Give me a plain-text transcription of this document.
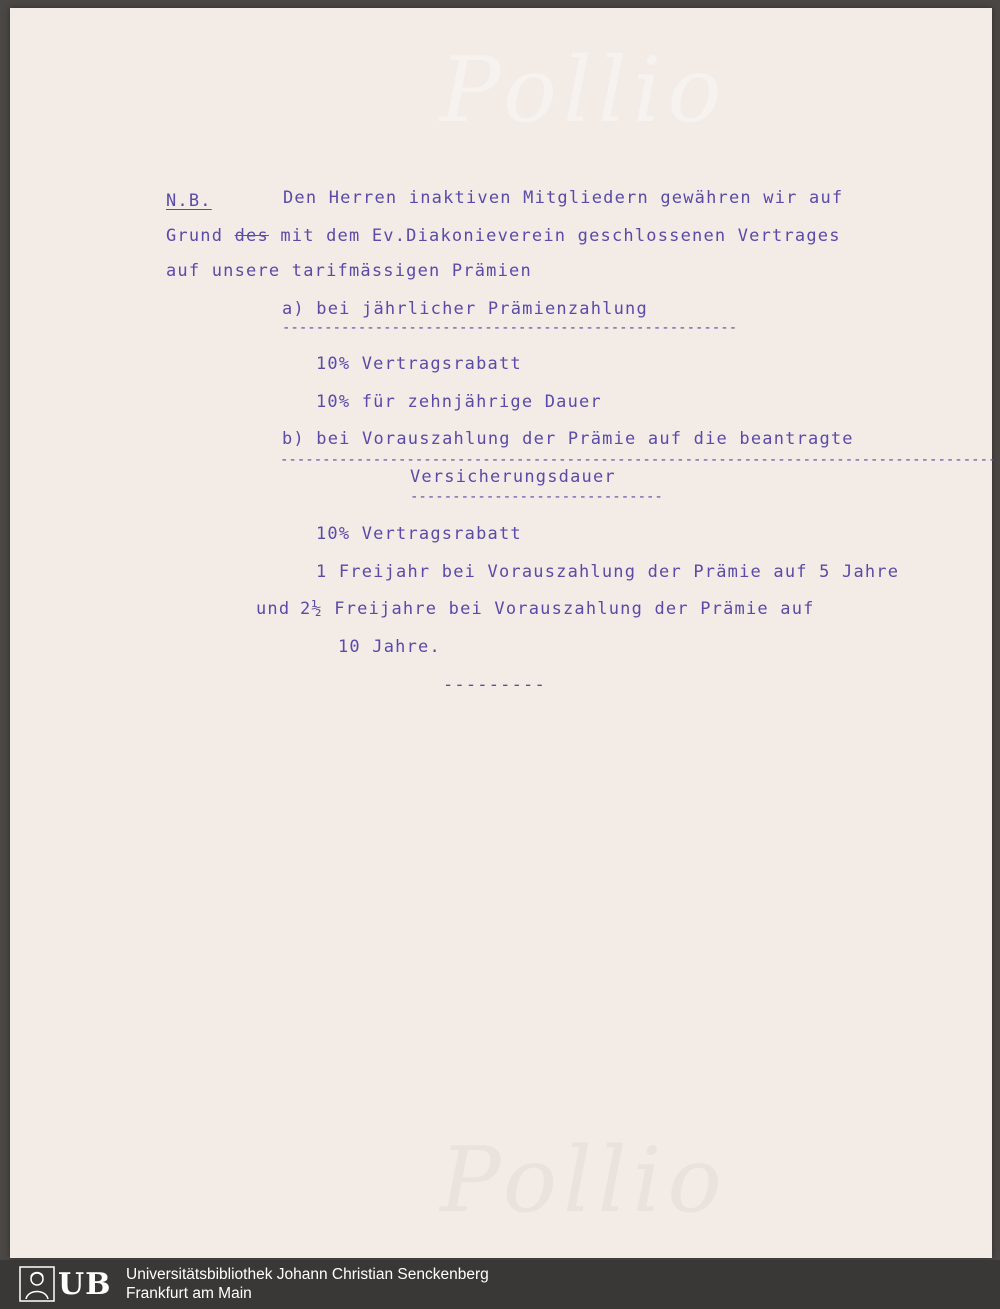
Pollio
Pollio
N.B.	Den Herren inaktiven Mitgliedern gewähren wir auf
Grund des mit dem Ev.Diakonieverein geschlossenen Vertrages
auf unsere tarifmässigen Prämien
a) bei jährlicher Prämienzahlung
------------------------------------------------------
10% Vertragsrabatt
10% für zehnjährige Dauer
b) bei Vorauszahlung der Prämie auf die beantragte
-------------------------------------------------------------------------------------
Versicherungsdauer
------------------------------
10% Vertragsrabatt
1 Freijahr bei Vorauszahlung der Prämie auf 5 Jahre
und 2½ Freijahre bei Vorauszahlung der Prämie auf
10 Jahre.
---------
UB Universitätsbibliothek Johann Christian Senckenberg
Frankfurt am Main
